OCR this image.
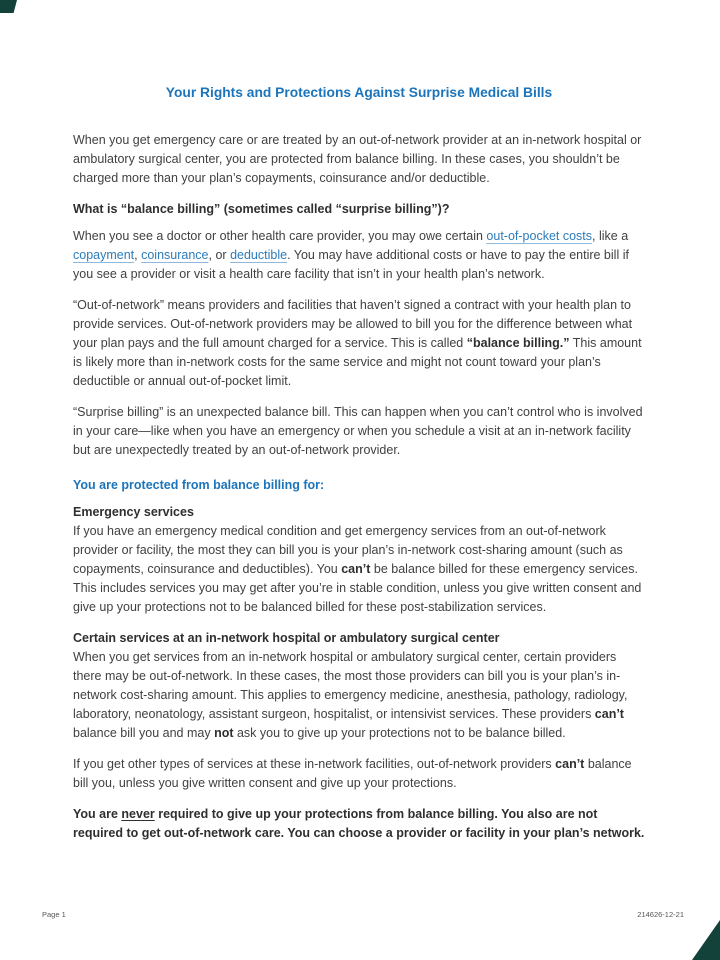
Your Rights and Protections Against Surprise Medical Bills

When you get emergency care or are treated by an out-of-network provider at an in-network hospital or ambulatory surgical center, you are protected from balance billing. In these cases, you shouldn’t be charged more than your plan’s copayments, coinsurance and/or deductible.

What is “balance billing” (sometimes called “surprise billing”)?

When you see a doctor or other health care provider, you may owe certain out-of-pocket costs, like a copayment, coinsurance, or deductible. You may have additional costs or have to pay the entire bill if you see a provider or visit a health care facility that isn’t in your health plan’s network.

“Out-of-network” means providers and facilities that haven’t signed a contract with your health plan to provide services. Out-of-network providers may be allowed to bill you for the difference between what your plan pays and the full amount charged for a service. This is called “balance billing.” This amount is likely more than in-network costs for the same service and might not count toward your plan’s deductible or annual out-of-pocket limit.

“Surprise billing” is an unexpected balance bill. This can happen when you can’t control who is involved in your care—like when you have an emergency or when you schedule a visit at an in-network facility but are unexpectedly treated by an out-of-network provider.

You are protected from balance billing for:
Emergency services

If you have an emergency medical condition and get emergency services from an out-of-network provider or facility, the most they can bill you is your plan’s in-network cost-sharing amount (such as copayments, coinsurance and deductibles). You can’t be balance billed for these emergency services. This includes services you may get after you’re in stable condition, unless you give written consent and give up your protections not to be balanced billed for these post-stabilization services.

Certain services at an in-network hospital or ambulatory surgical center

When you get services from an in-network hospital or ambulatory surgical center, certain providers there may be out-of-network. In these cases, the most those providers can bill you is your plan’s in-network cost-sharing amount. This applies to emergency medicine, anesthesia, pathology, radiology, laboratory, neonatology, assistant surgeon, hospitalist, or intensivist services. These providers can’t balance bill you and may not ask you to give up your protections not to be balance billed.

If you get other types of services at these in-network facilities, out-of-network providers can’t balance bill you, unless you give written consent and give up your protections.

You are never required to give up your protections from balance billing. You also are not required to get out-of-network care. You can choose a provider or facility in your plan’s network.

Page 1	214626-12-21
